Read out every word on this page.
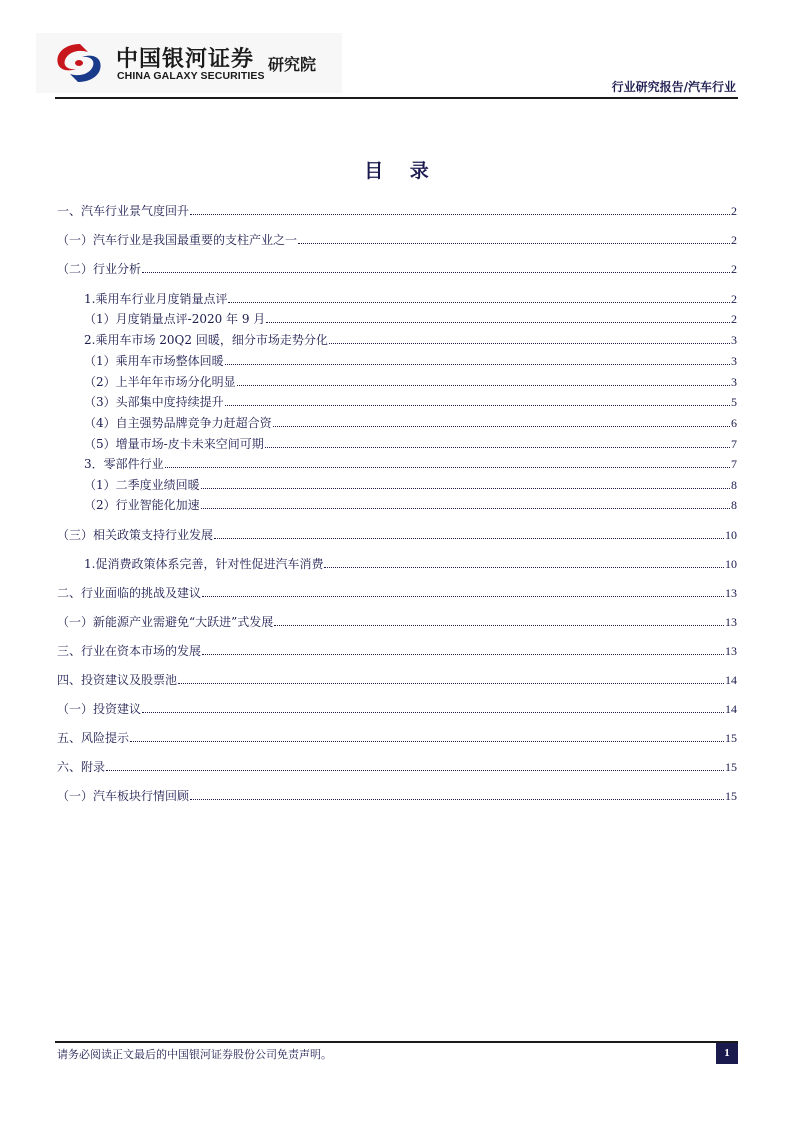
中国银河证券
CHINA GALAXY SECURITIES
研究院
行业研究报告/汽车行业
目 录
一、汽车行业景气度回升	2
（一）汽车行业是我国最重要的支柱产业之一	2
（二）行业分析	2
1.乘用车行业月度销量点评	2
（1）月度销量点评-2020 年 9 月	2
2.乘用车市场 20Q2 回暖，细分市场走势分化	3
（1）乘用车市场整体回暖	3
（2）上半年年市场分化明显	3
（3）头部集中度持续提升	5
（4）自主强势品牌竞争力赶超合资	6
（5）增量市场-皮卡未来空间可期	7
3．零部件行业	7
（1）二季度业绩回暖	8
（2）行业智能化加速	8
（三）相关政策支持行业发展	10
1.促消费政策体系完善，针对性促进汽车消费	10
二、行业面临的挑战及建议	13
（一）新能源产业需避免“大跃进”式发展	13
三、行业在资本市场的发展	13
四、投资建议及股票池	14
（一）投资建议	14
五、风险提示	15
六、附录	15
（一）汽车板块行情回顾	15
请务必阅读正文最后的中国银河证券股份公司免责声明。	1
